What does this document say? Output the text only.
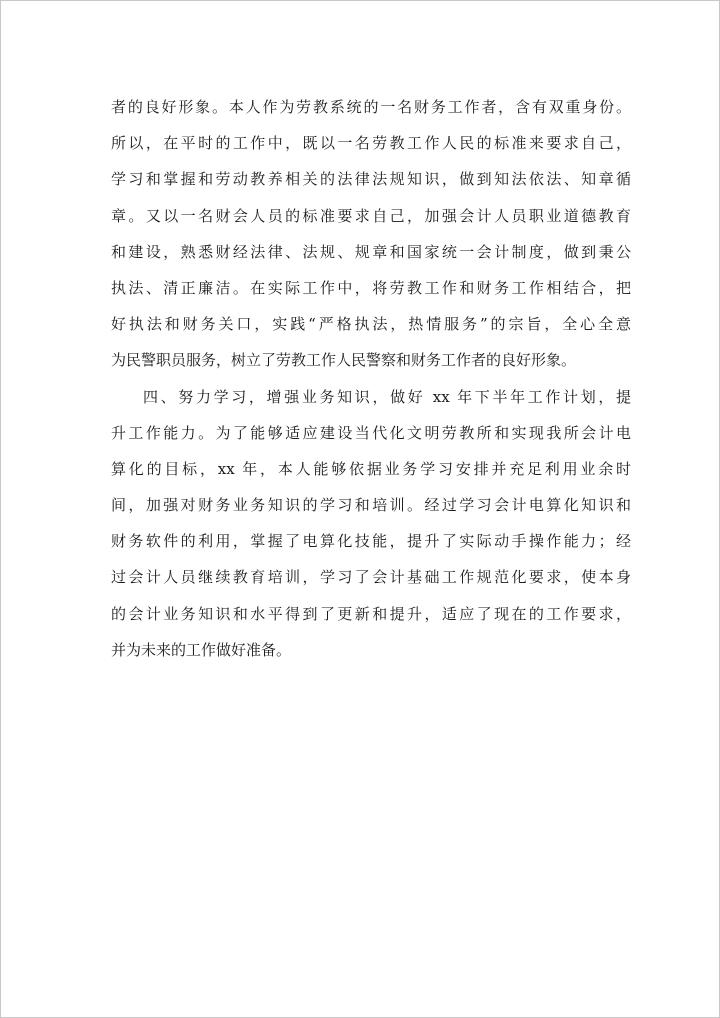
者的良好形象。本人作为劳教系统的一名财务工作者，含有双重身份。
所以，在平时的工作中，既以一名劳教工作人民的标准来要求自己，
学习和掌握和劳动教养相关的法律法规知识，做到知法依法、知章循
章。又以一名财会人员的标准要求自己，加强会计人员职业道德教育
和建设，熟悉财经法律、法规、规章和国家统一会计制度，做到秉公
执法、清正廉洁。在实际工作中，将劳教工作和财务工作相结合，把
好执法和财务关口，实践“严格执法，热情服务”的宗旨，全心全意
为民警职员服务，树立了劳教工作人民警察和财务工作者的良好形象。
四、努力学习，增强业务知识，做好 xx 年下半年工作计划，提
升工作能力。为了能够适应建设当代化文明劳教所和实现我所会计电
算化的目标，xx 年，本人能够依据业务学习安排并充足利用业余时
间，加强对财务业务知识的学习和培训。经过学习会计电算化知识和
财务软件的利用，掌握了电算化技能，提升了实际动手操作能力；经
过会计人员继续教育培训，学习了会计基础工作规范化要求，使本身
的会计业务知识和水平得到了更新和提升，适应了现在的工作要求，
并为未来的工作做好准备。
